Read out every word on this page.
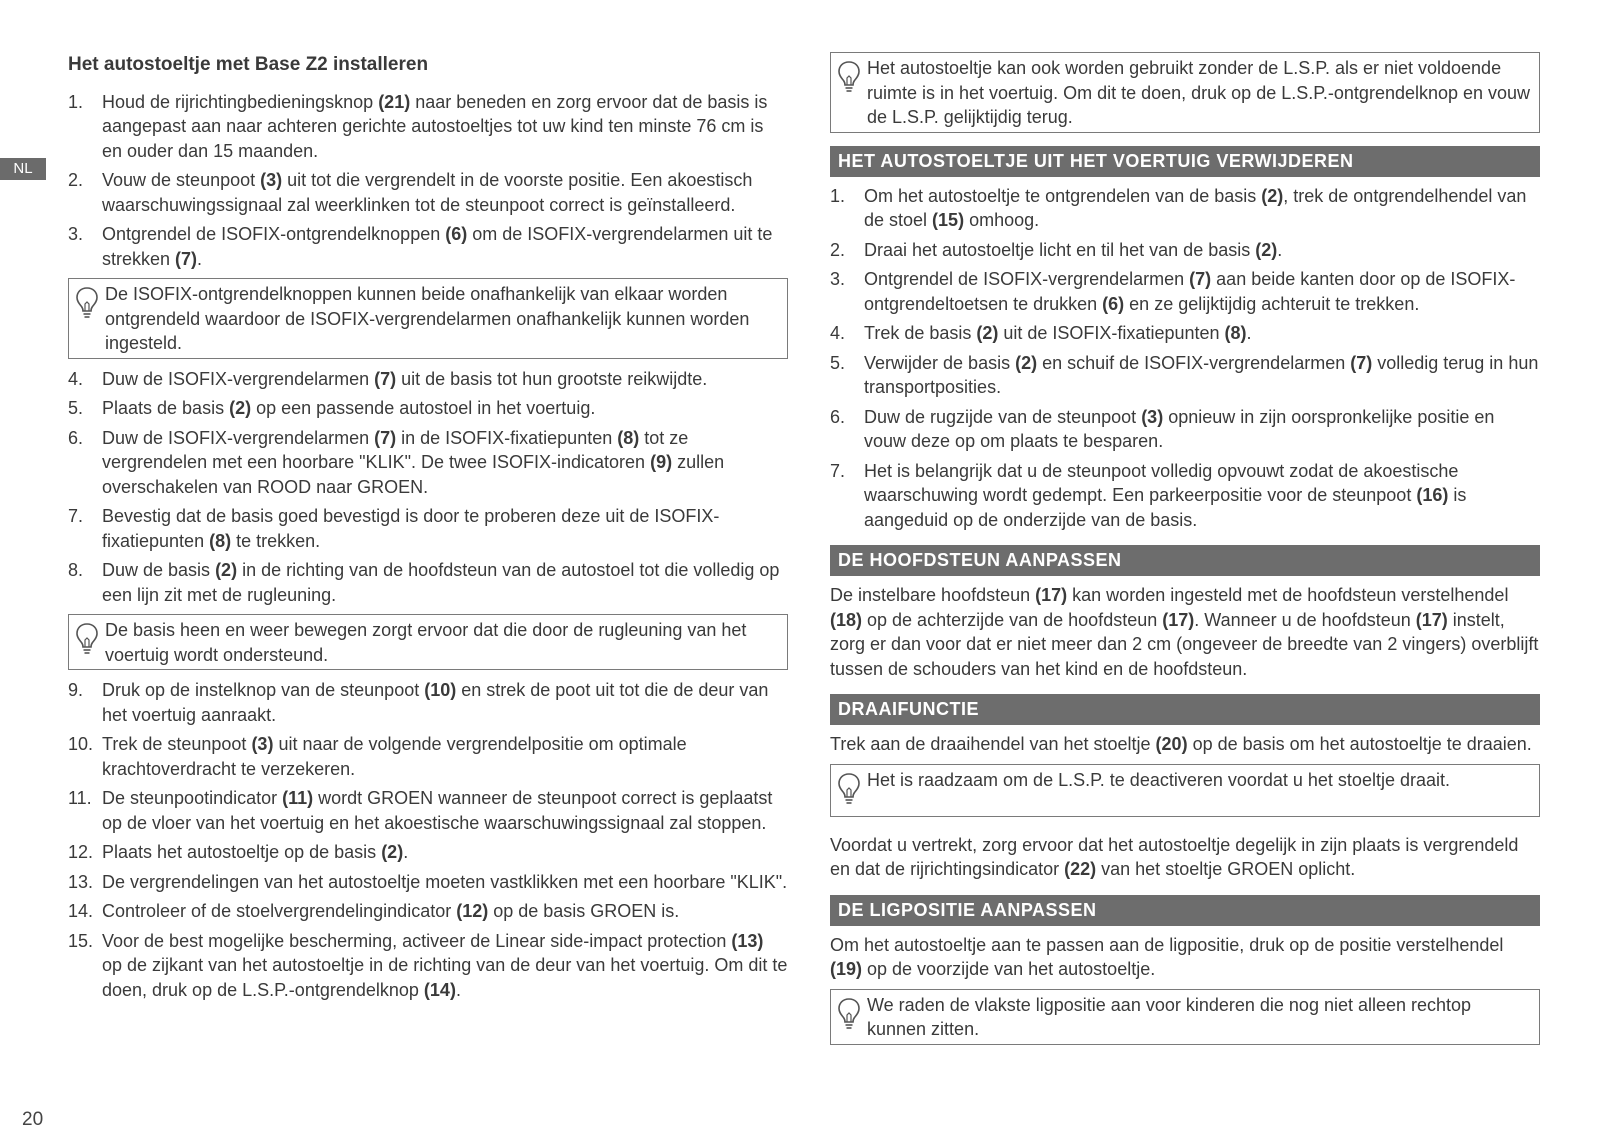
NL
Het autostoeltje met Base Z2 installeren
1.	Houd de rijrichtingbedieningsknop (21) naar beneden en zorg ervoor dat de basis is aangepast aan naar achteren gerichte autostoeltjes tot uw kind ten minste 76 cm is en ouder dan 15 maanden.
2.	Vouw de steunpoot (3) uit tot die vergrendelt in de voorste positie. Een akoestisch waarschuwingssignaal zal weerklinken tot de steunpoot correct is geïnstalleerd.
3.	Ontgrendel de ISOFIX-ontgrendelknoppen (6) om de ISOFIX-vergrendelarmen uit te strekken (7).
De ISOFIX-ontgrendelknoppen kunnen beide onafhankelijk van elkaar worden ontgrendeld waardoor de ISOFIX-vergrendelarmen onafhankelijk kunnen worden ingesteld.
4.	Duw de ISOFIX-vergrendelarmen (7) uit de basis tot hun grootste reikwijdte.
5.	Plaats de basis (2) op een passende autostoel in het voertuig.
6.	Duw de ISOFIX-vergrendelarmen (7) in de ISOFIX-fixatiepunten (8) tot ze vergrendelen met een hoorbare "KLIK". De twee ISOFIX-indicatoren (9) zullen overschakelen van ROOD naar GROEN.
7.	Bevestig dat de basis goed bevestigd is door te proberen deze uit de ISOFIX-fixatiepunten (8) te trekken.
8.	Duw de basis (2) in de richting van de hoofdsteun van de autostoel tot die volledig op een lijn zit met de rugleuning.
De basis heen en weer bewegen zorgt ervoor dat die door de rugleuning van het voertuig wordt ondersteund.
9.	Druk op de instelknop van de steunpoot (10) en strek de poot uit tot die de deur van het voertuig aanraakt.
10. Trek de steunpoot (3) uit naar de volgende vergrendelpositie om optimale krachtoverdracht te verzekeren.
11. De steunpootindicator (11) wordt GROEN wanneer de steunpoot correct is geplaatst op de vloer van het voertuig en het akoestische waarschuwingssignaal zal stoppen.
12. Plaats het autostoeltje op de basis (2).
13. De vergrendelingen van het autostoeltje moeten vastklikken met een hoorbare "KLIK".
14. Controleer of de stoelvergrendelingindicator (12) op de basis GROEN is.
15. Voor de best mogelijke bescherming, activeer de Linear side-impact protection (13) op de zijkant van het autostoeltje in de richting van de deur van het voertuig. Om dit te doen, druk op de L.S.P.-ontgrendelknop (14).
Het autostoeltje kan ook worden gebruikt zonder de L.S.P. als er niet voldoende ruimte is in het voertuig. Om dit te doen, druk op de L.S.P.-ontgrendelknop en vouw de L.S.P. gelijktijdig terug.
HET AUTOSTOELTJE UIT HET VOERTUIG VERWIJDEREN
1.	Om het autostoeltje te ontgrendelen van de basis (2), trek de ontgrendelhendel van de stoel (15) omhoog.
2.	Draai het autostoeltje licht en til het van de basis (2).
3.	Ontgrendel de ISOFIX-vergrendelarmen (7) aan beide kanten door op de ISOFIX-ontgrendeltoetsen te drukken (6) en ze gelijktijdig achteruit te trekken.
4.	Trek de basis (2) uit de ISOFIX-fixatiepunten (8).
5.	Verwijder de basis (2) en schuif de ISOFIX-vergrendelarmen (7) volledig terug in hun transportposities.
6.	Duw de rugzijde van de steunpoot (3) opnieuw in zijn oorspronkelijke positie en vouw deze op om plaats te besparen.
7.	Het is belangrijk dat u de steunpoot volledig opvouwt zodat de akoestische waarschuwing wordt gedempt. Een parkeerpositie voor de steunpoot (16) is aangeduid op de onderzijde van de basis.
DE HOOFDSTEUN AANPASSEN

De instelbare hoofdsteun (17) kan worden ingesteld met de hoofdsteun verstelhendel (18) op de achterzijde van de hoofdsteun (17). Wanneer u de hoofdsteun (17) instelt, zorg er dan voor dat er niet meer dan 2 cm (ongeveer de breedte van 2 vingers) overblijft tussen de schouders van het kind en de hoofdsteun.

DRAAIFUNCTIE

Trek aan de draaihendel van het stoeltje (20) op de basis om het autostoeltje te draaien.

Het is raadzaam om de L.S.P. te deactiveren voordat u het stoeltje draait.

Voordat u vertrekt, zorg ervoor dat het autostoeltje degelijk in zijn plaats is vergrendeld en dat de rijrichtingsindicator (22) van het stoeltje GROEN oplicht.

DE LIGPOSITIE AANPASSEN

Om het autostoeltje aan te passen aan de ligpositie, druk op de positie verstelhendel (19) op de voorzijde van het autostoeltje.

We raden de vlakste ligpositie aan voor kinderen die nog niet alleen rechtop kunnen zitten.
20
